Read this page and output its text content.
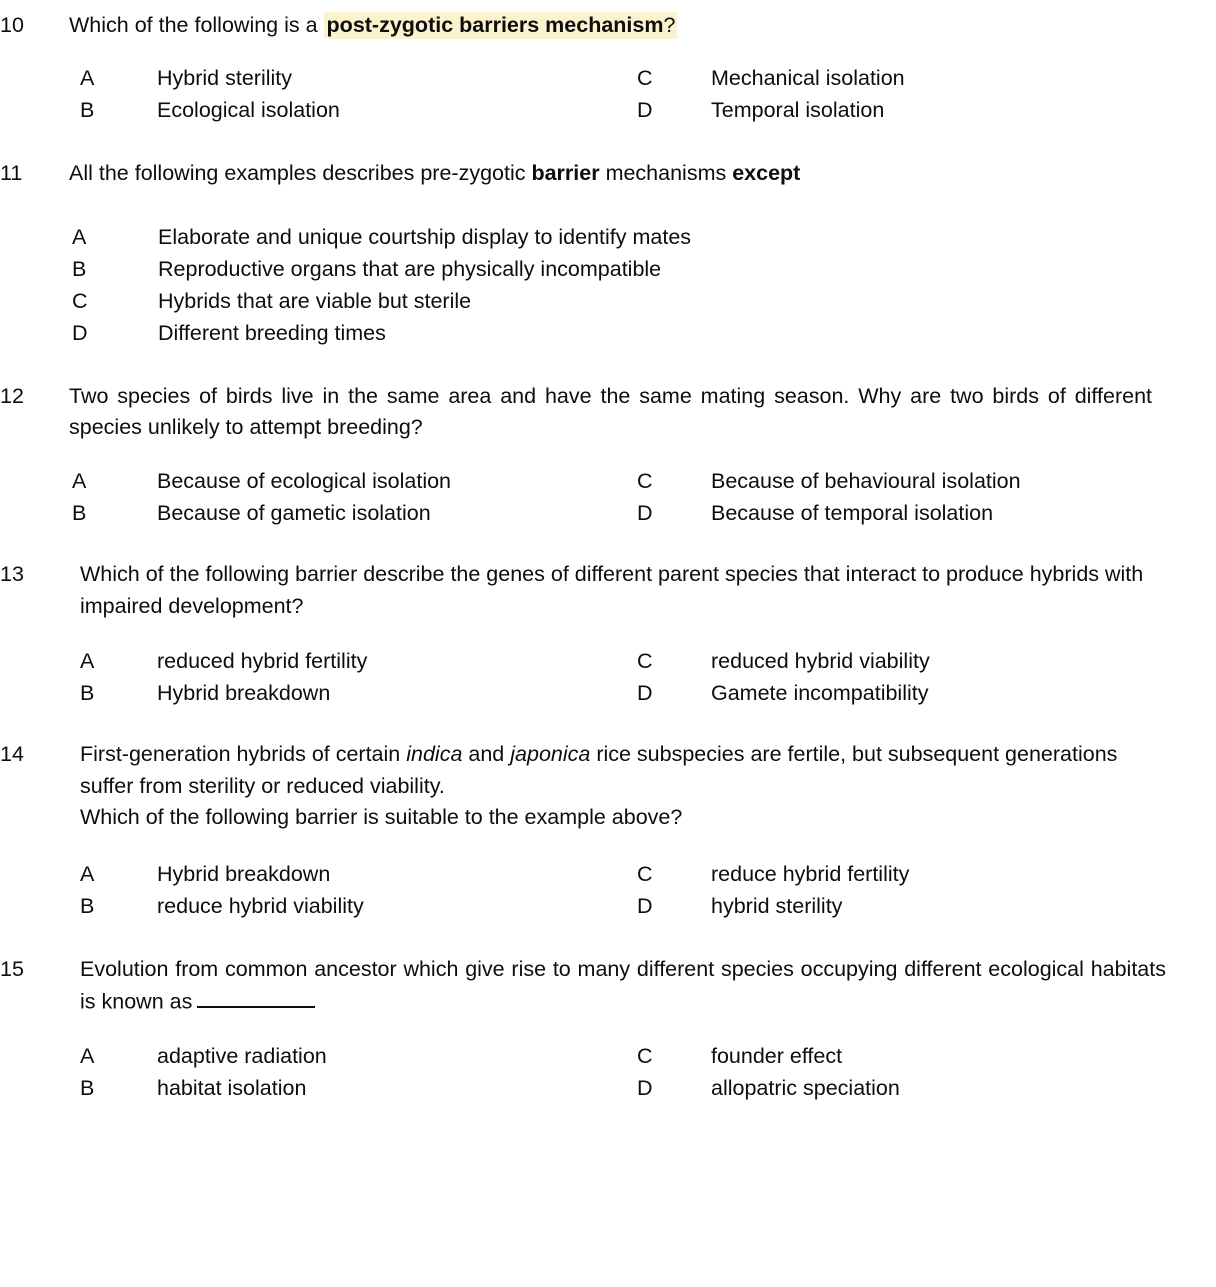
10	Which of the following is a post-zygotic barriers mechanism?
A	Hybrid sterility	C	Mechanical isolation
B	Ecological isolation	D	Temporal isolation
11	All the following examples describes pre-zygotic barrier mechanisms except
A	Elaborate and unique courtship display to identify mates
B	Reproductive organs that are physically incompatible
C	Hybrids that are viable but sterile
D	Different breeding times
12	Two species of birds live in the same area and have the same mating season. Why are two birds of different species unlikely to attempt breeding?
A	Because of ecological isolation	C	Because of behavioural isolation
B	Because of gametic isolation	D	Because of temporal isolation
13	Which of the following barrier describe the genes of different parent species that interact to produce hybrids with impaired development?
A	reduced hybrid fertility	C	reduced hybrid viability
B	Hybrid breakdown	D	Gamete incompatibility
14	First-generation hybrids of certain indica and japonica rice subspecies are fertile, but subsequent generations suffer from sterility or reduced viability.
Which of the following barrier is suitable to the example above?
A	Hybrid breakdown	C	reduce hybrid fertility
B	reduce hybrid viability	D	hybrid sterility
15	Evolution from common ancestor which give rise to many different species occupying different ecological habitats is known as
A	adaptive radiation	C	founder effect
B	habitat isolation	D	allopatric speciation
